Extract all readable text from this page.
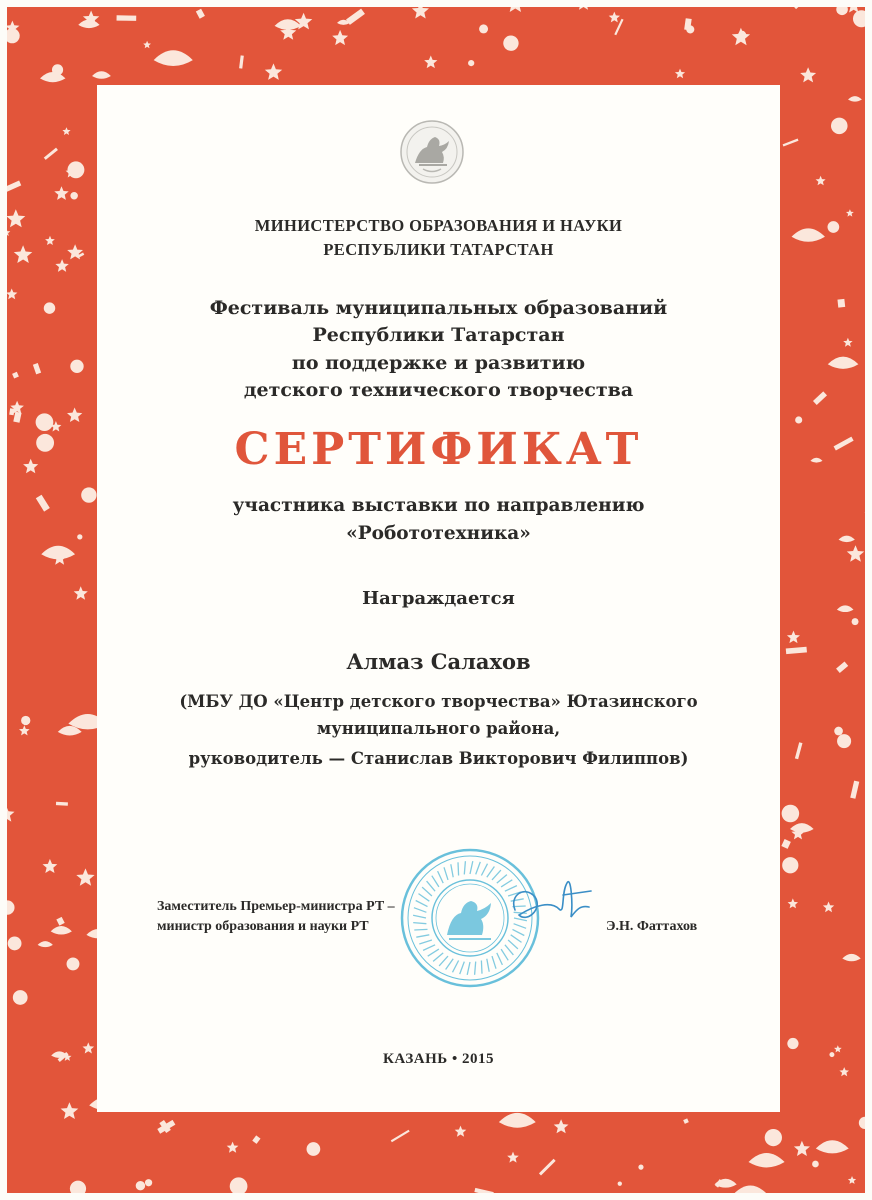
МИНИСТЕРСТВО ОБРАЗОВАНИЯ И НАУКИ
РЕСПУБЛИКИ ТАТАРСТАН
Фестиваль муниципальных образований
Республики Татарстан
по поддержке и развитию
детского технического творчества
СЕРТИФИКАТ
участника выставки по направлению
«Робототехника»
Награждается
Алмаз Салахов
(МБУ ДО «Центр детского творчества» Ютазинского
муниципального района,
руководитель — Станислав Викторович Филиппов)
Заместитель Премьер-министра РТ –
министр образования и науки РТ	Э.Н. Фаттахов
КАЗАНЬ • 2015
